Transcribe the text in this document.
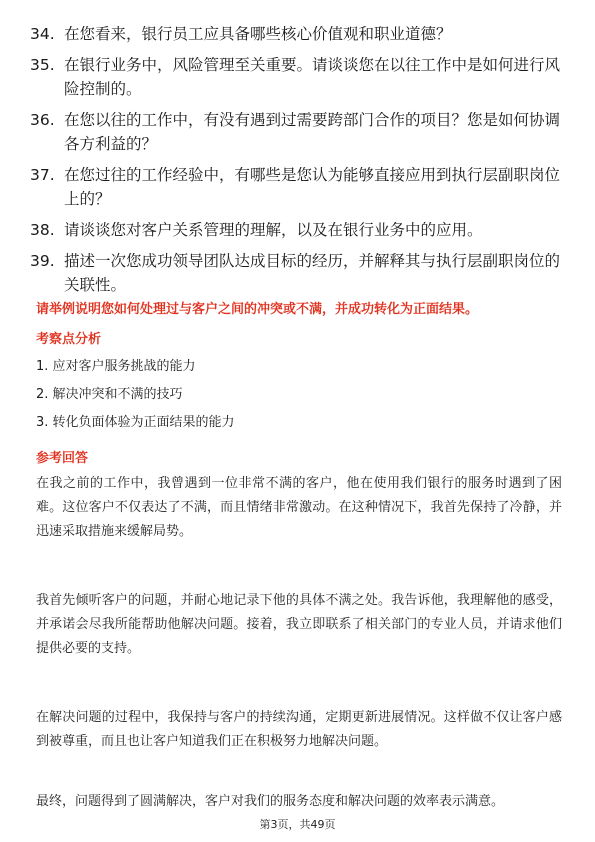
34. 在您看来，银行员工应具备哪些核心价值观和职业道德？
35. 在银行业务中，风险管理至关重要。请谈谈您在以往工作中是如何进行风险控制的。
36. 在您以往的工作中，有没有遇到过需要跨部门合作的项目？您是如何协调各方利益的？
37. 在您过往的工作经验中，有哪些是您认为能够直接应用到执行层副职岗位上的？
38. 请谈谈您对客户关系管理的理解，以及在银行业务中的应用。
39. 描述一次您成功领导团队达成目标的经历，并解释其与执行层副职岗位的关联性。
请举例说明您如何处理过与客户之间的冲突或不满，并成功转化为正面结果。
考察点分析
1. 应对客户服务挑战的能力
2. 解决冲突和不满的技巧
3. 转化负面体验为正面结果的能力
参考回答
在我之前的工作中，我曾遇到一位非常不满的客户，他在使用我们银行的服务时遇到了困难。这位客户不仅表达了不满，而且情绪非常激动。在这种情况下，我首先保持了冷静，并迅速采取措施来缓解局势。
我首先倾听客户的问题，并耐心地记录下他的具体不满之处。我告诉他，我理解他的感受，并承诺会尽我所能帮助他解决问题。接着，我立即联系了相关部门的专业人员，并请求他们提供必要的支持。
在解决问题的过程中，我保持与客户的持续沟通，定期更新进展情况。这样做不仅让客户感到被尊重，而且也让客户知道我们正在积极努力地解决问题。
最终，问题得到了圆满解决，客户对我们的服务态度和解决问题的效率表示满意。
第3页，共49页
